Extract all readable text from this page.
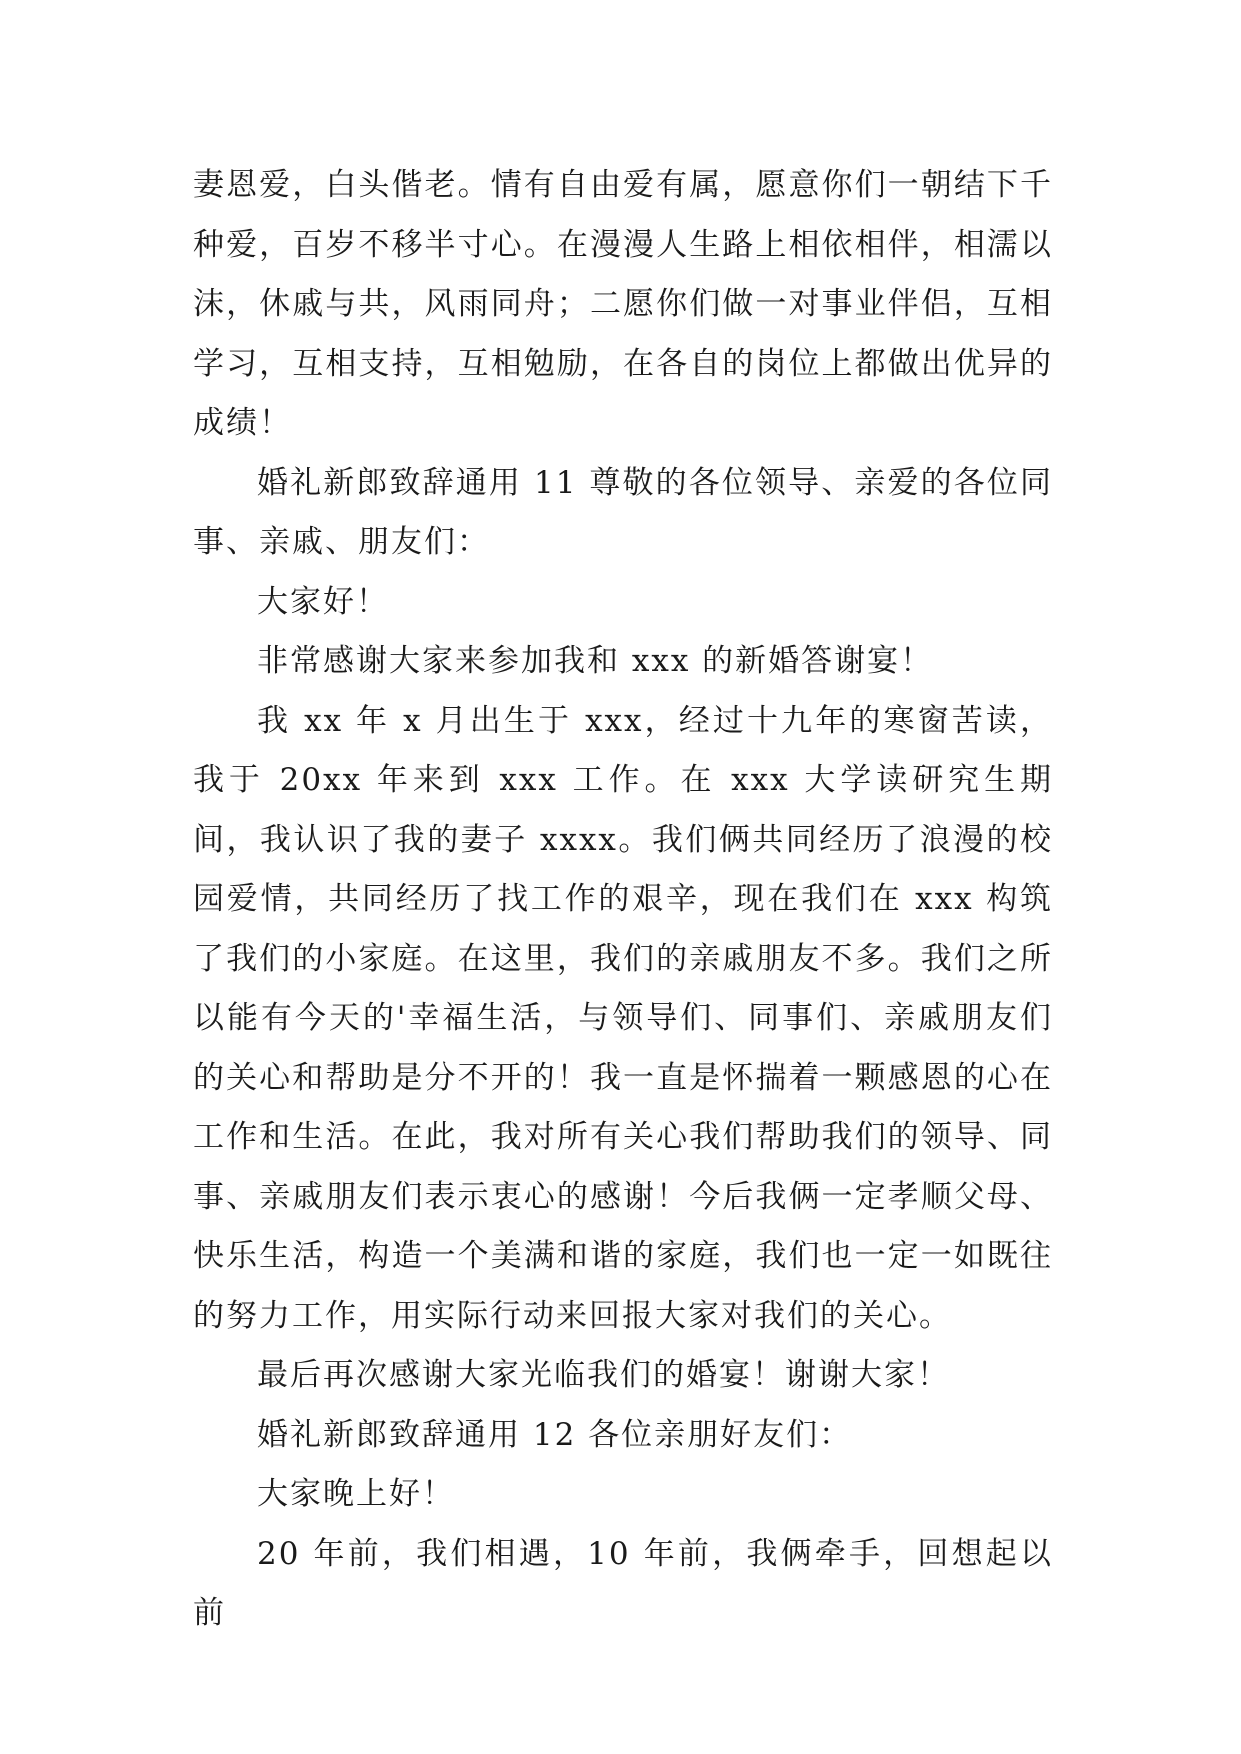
妻恩爱，白头偕老。情有自由爱有属，愿意你们一朝结下千种爱，百岁不移半寸心。在漫漫人生路上相依相伴，相濡以沫，休戚与共，风雨同舟；二愿你们做一对事业伴侣，互相学习，互相支持，互相勉励，在各自的岗位上都做出优异的成绩！

婚礼新郎致辞通用 11 尊敬的各位领导、亲爱的各位同事、亲戚、朋友们：

大家好！

非常感谢大家来参加我和 xxx 的新婚答谢宴！

我 xx 年 x 月出生于 xxx，经过十九年的寒窗苦读，我于 20xx 年来到 xxx 工作。在 xxx 大学读研究生期间，我认识了我的妻子 xxxx。我们俩共同经历了浪漫的校园爱情，共同经历了找工作的艰辛，现在我们在 xxx 构筑了我们的小家庭。在这里，我们的亲戚朋友不多。我们之所以能有今天的'幸福生活，与领导们、同事们、亲戚朋友们的关心和帮助是分不开的！我一直是怀揣着一颗感恩的心在工作和生活。在此，我对所有关心我们帮助我们的领导、同事、亲戚朋友们表示衷心的感谢！今后我俩一定孝顺父母、快乐生活，构造一个美满和谐的家庭，我们也一定一如既往的努力工作，用实际行动来回报大家对我们的关心。

最后再次感谢大家光临我们的婚宴！谢谢大家！

婚礼新郎致辞通用 12 各位亲朋好友们：

大家晚上好！

20 年前，我们相遇，10 年前，我俩牵手，回想起以前
